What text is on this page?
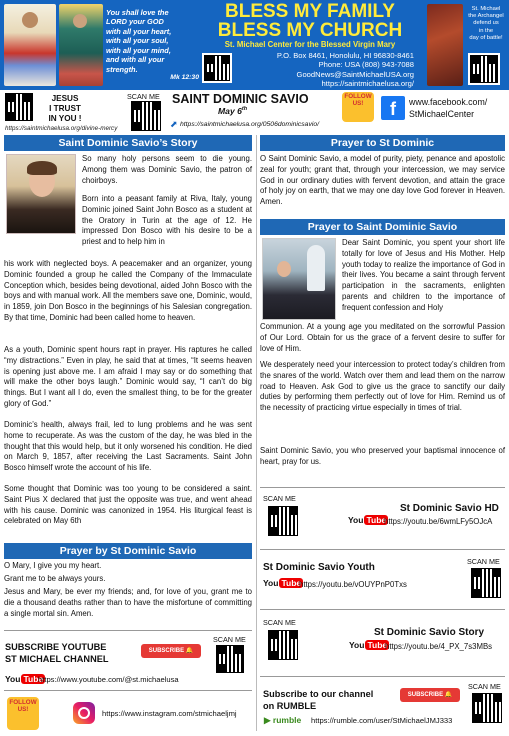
You shall love the
LORD your GOD
with all your heart,
with all your soul,
with all your mind,
and with all your
strength.
Mk 12:30
BLESS MY FAMILY
BLESS MY CHURCH
St. Michael Center for the Blessed Virgin Mary
P.O. Box 8461, Honolulu, HI 96830-8461
Phone: USA (808) 943-7088
GoodNews@SaintMichaelUSA.org
https://saintmichaelusa.org/
St. Michael
the Archangel
defend us
in the
day of battle!
JESUS
I TRUST
IN YOU !
https://saintmichaelusa.org/divine-mercy
SCAN ME SAINT DOMINIC SAVIO
May 6th
FOLLOW US!
⬈ https://saintmichaelusa.org/0506dominicsavio/
f	www.facebook.com/
StMichaelCenter
Saint Dominic Savio’s Story
So many holy persons seem to die young. Among them was Dominic Savio, the patron of choirboys.
Born into a peasant family at Riva, Italy, young Dominic joined Saint John Bosco as a student at the Oratory in Turin at the age of 12. He impressed Don Bosco with his desire to be a priest and to help him in
his work with neglected boys. A peacemaker and an organizer, young Dominic founded a group he called the Company of the Immaculate Conception which, besides being devotional, aided John Bosco with the boys and with manual work. All the members save one, Dominic, would, in 1859, join Don Bosco in the beginnings of his Salesian congregation. By that time, Dominic had been called home to heaven.
As a youth, Dominic spent hours rapt in prayer. His raptures he called “my distractions.” Even in play, he said that at times, “It seems heaven is opening just above me. I am afraid I may say or do something that will make the other boys laugh.” Dominic would say, “I can’t do big things. But I want all I do, even the smallest thing, to be for the greater glory of God.”
Dominic’s health, always frail, led to lung problems and he was sent home to recuperate. As was the custom of the day, he was bled in the thought that this would help, but it only worsened his condition. He died on March 9, 1857, after receiving the Last Sacraments. Saint John Bosco himself wrote the account of his life.
Some thought that Dominic was too young to be considered a saint. Saint Pius X declared that just the opposite was true, and went ahead with his cause. Dominic was canonized in 1954. His liturgical feast is celebrated on May 6th
Prayer by St Dominic Savio
O Mary, I give you my heart.
Grant me to be always yours.
Jesus and Mary, be ever my friends; and, for love of you, grant me to die a thousand deaths rather than to have the misfortune of committing a single mortal sin. Amen.
SUBSCRIBE YOUTUBE
ST MICHAEL CHANNEL
SUBSCRIBE 🔔
SCAN ME
You Tube
https://www.youtube.com/@st.michaelusa
FOLLOW US!	https://www.instagram.com/stmichaeljmj
Prayer to St Dominic
O Saint Dominic Savio, a model of purity, piety, penance and apostolic zeal for youth; grant that, through your intercession, we may service God in our ordinary duties with fervent devotion, and attain the grace of holy joy on earth, that we may one day love God forever in Heaven. Amen.
Prayer to Saint Dominic Savio
Dear Saint Dominic, you spent your short life totally for love of Jesus and His Mother. Help youth today to realize the importance of God in their lives. You became a saint through fervent participation in the sacraments, enlighten parents and children to the importance of frequent confession and Holy
Communion. At a young age you meditated on the sorrowful Passion of Our Lord. Obtain for us the grace of a fervent desire to suffer for love of Him.
We desperately need your intercession to protect today’s children from the snares of the world. Watch over them and lead them on the narrow road to Heaven. Ask God to give us the grace to sanctify our daily duties by performing them perfectly out of love for Him. Remind us of the necessity of practicing virtue especially in times of trial.
Saint Dominic Savio, you who preserved your baptismal innocence of heart, pray for us.
SCAN ME
St Dominic Savio HD
You Tube
https://youtu.be/6wmLFy5OJcA
St Dominic Savio Youth
SCAN ME
You Tube
https://youtu.be/vOUYPnP0Txs
SCAN ME
St Dominic Savio Story
You Tube
https://youtu.be/4_PX_7s3MBs
Subscribe to our channel
on RUMBLE
SUBSCRIBE 🔔
SCAN ME
▶ rumble https://rumble.com/user/StMichaelJMJ333
